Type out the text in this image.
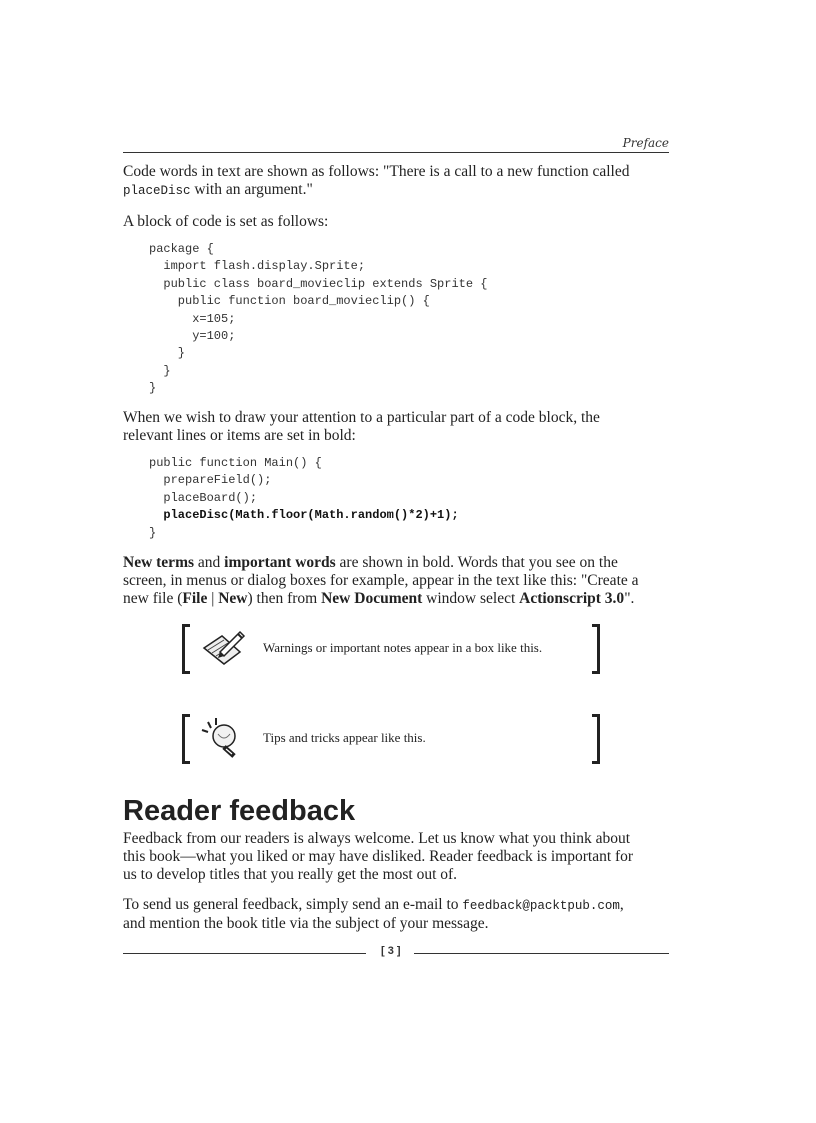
Preface

Code words in text are shown as follows: "There is a call to a new function called
placeDisc with an argument."

A block of code is set as follows:

package {
import flash.display.Sprite;
public class board_movieclip extends Sprite {
public function board_movieclip() {
x=105;
y=100;
}
}
}

When we wish to draw your attention to a particular part of a code block, the
relevant lines or items are set in bold:

public function Main() {
prepareField();
placeBoard();
placeDisc(Math.floor(Math.random()*2)+1);
}

New terms and important words are shown in bold. Words that you see on the
screen, in menus or dialog boxes for example, appear in the text like this: "Create a
new file (File | New) then from New Document window select Actionscript 3.0".

Warnings or important notes appear in a box like this.
Tips and tricks appear like this.
Reader feedback

Feedback from our readers is always welcome. Let us know what you think about
this book—what you liked or may have disliked. Reader feedback is important for
us to develop titles that you really get the most out of.

To send us general feedback, simply send an e-mail to feedback@packtpub.com,
and mention the book title via the subject of your message.

[ 3 ]
